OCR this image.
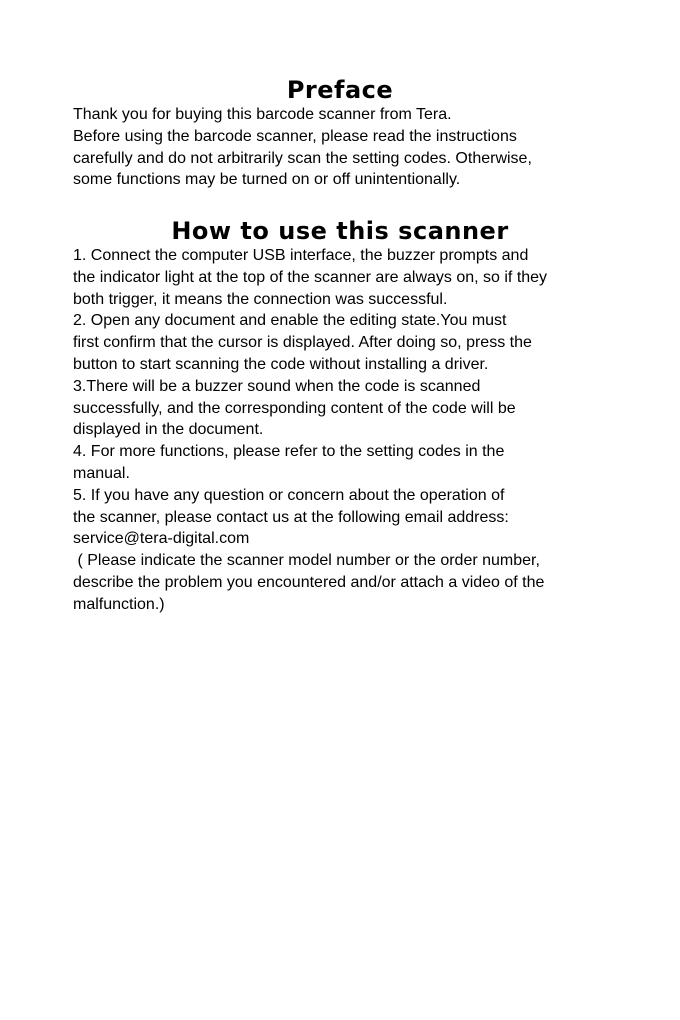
Preface
Thank you for buying this barcode scanner from Tera.
Before using the barcode scanner, please read the instructions
carefully and do not arbitrarily scan the setting codes. Otherwise,
some functions may be turned on or off unintentionally.
How to use this scanner
1. Connect the computer USB interface, the buzzer prompts and
the indicator light at the top of the scanner are always on, so if they
both trigger, it means the connection was successful.
2. Open any document and enable the editing state.You must
first confirm that the cursor is displayed. After doing so, press the
button to start scanning the code without installing a driver.
3.There will be a buzzer sound when the code is scanned
successfully, and the corresponding content of the code will be
displayed in the document.
4. For more functions, please refer to the setting codes in the
manual.
5. If you have any question or concern about the operation of
the scanner, please contact us at the following email address:
service@tera-digital.com
( Please indicate the scanner model number or the order number,
describe the problem you encountered and/or attach a video of the
malfunction.)
